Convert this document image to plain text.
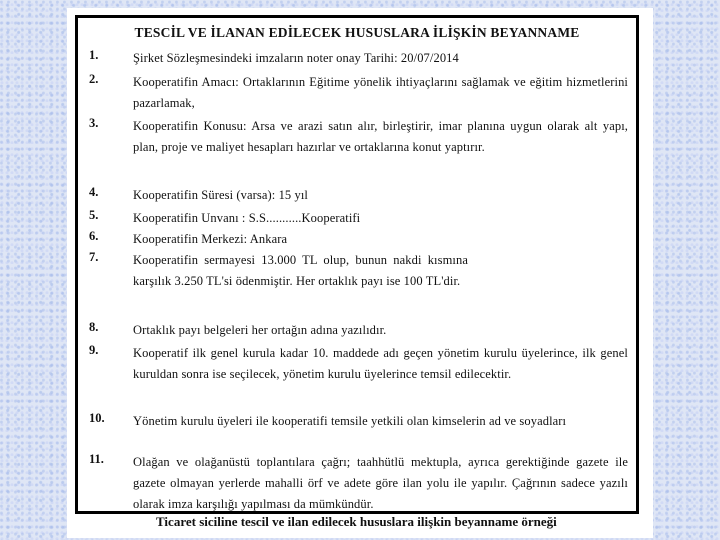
TESCİL VE İLANAN EDİLECEK HUSUSLARA İLİŞKİN BEYANNAME
1.	Şirket Sözleşmesindeki imzaların noter onay Tarihi: 20/07/2014
2.	Kooperatifin Amacı: Ortaklarının Eğitime yönelik ihtiyaçlarını sağlamak ve eğitim hizmetlerini pazarlamak,
3.	Kooperatifin Konusu: Arsa ve arazi satın alır, birleştirir, imar planına uygun olarak alt yapı, plan, proje ve maliyet hesapları hazırlar ve ortaklarına konut yaptırır.
4.	Kooperatifin Süresi (varsa): 15 yıl
5.	Kooperatifin Unvanı : S.S...........Kooperatifi
6.	Kooperatifin Merkezi: Ankara
7.	Kooperatifin sermayesi 13.000 TL olup, bunun nakdi kısmına karşılık 3.250 TL'si ödenmiştir. Her ortaklık payı ise 100 TL'dir.
8.	Ortaklık payı belgeleri her ortağın adına yazılıdır.
9.	Kooperatif ilk genel kurula kadar 10. maddede adı geçen yönetim kurulu üyelerince, ilk genel kuruldan sonra ise seçilecek, yönetim kurulu üyelerince temsil edilecektir.
10.	Yönetim kurulu üyeleri ile kooperatifi temsile yetkili olan kimselerin ad ve soyadları
11.	Olağan ve olağanüstü toplantılara çağrı; taahhütlü mektupla, ayrıca gerektiğinde gazete ile gazete olmayan yerlerde mahalli örf ve adete göre ilan yolu ile yapılır. Çağrının sadece yazılı olarak imza karşılığı yapılması da mümkündür.
Ticaret siciline tescil ve ilan edilecek hususlara ilişkin beyanname örneği
